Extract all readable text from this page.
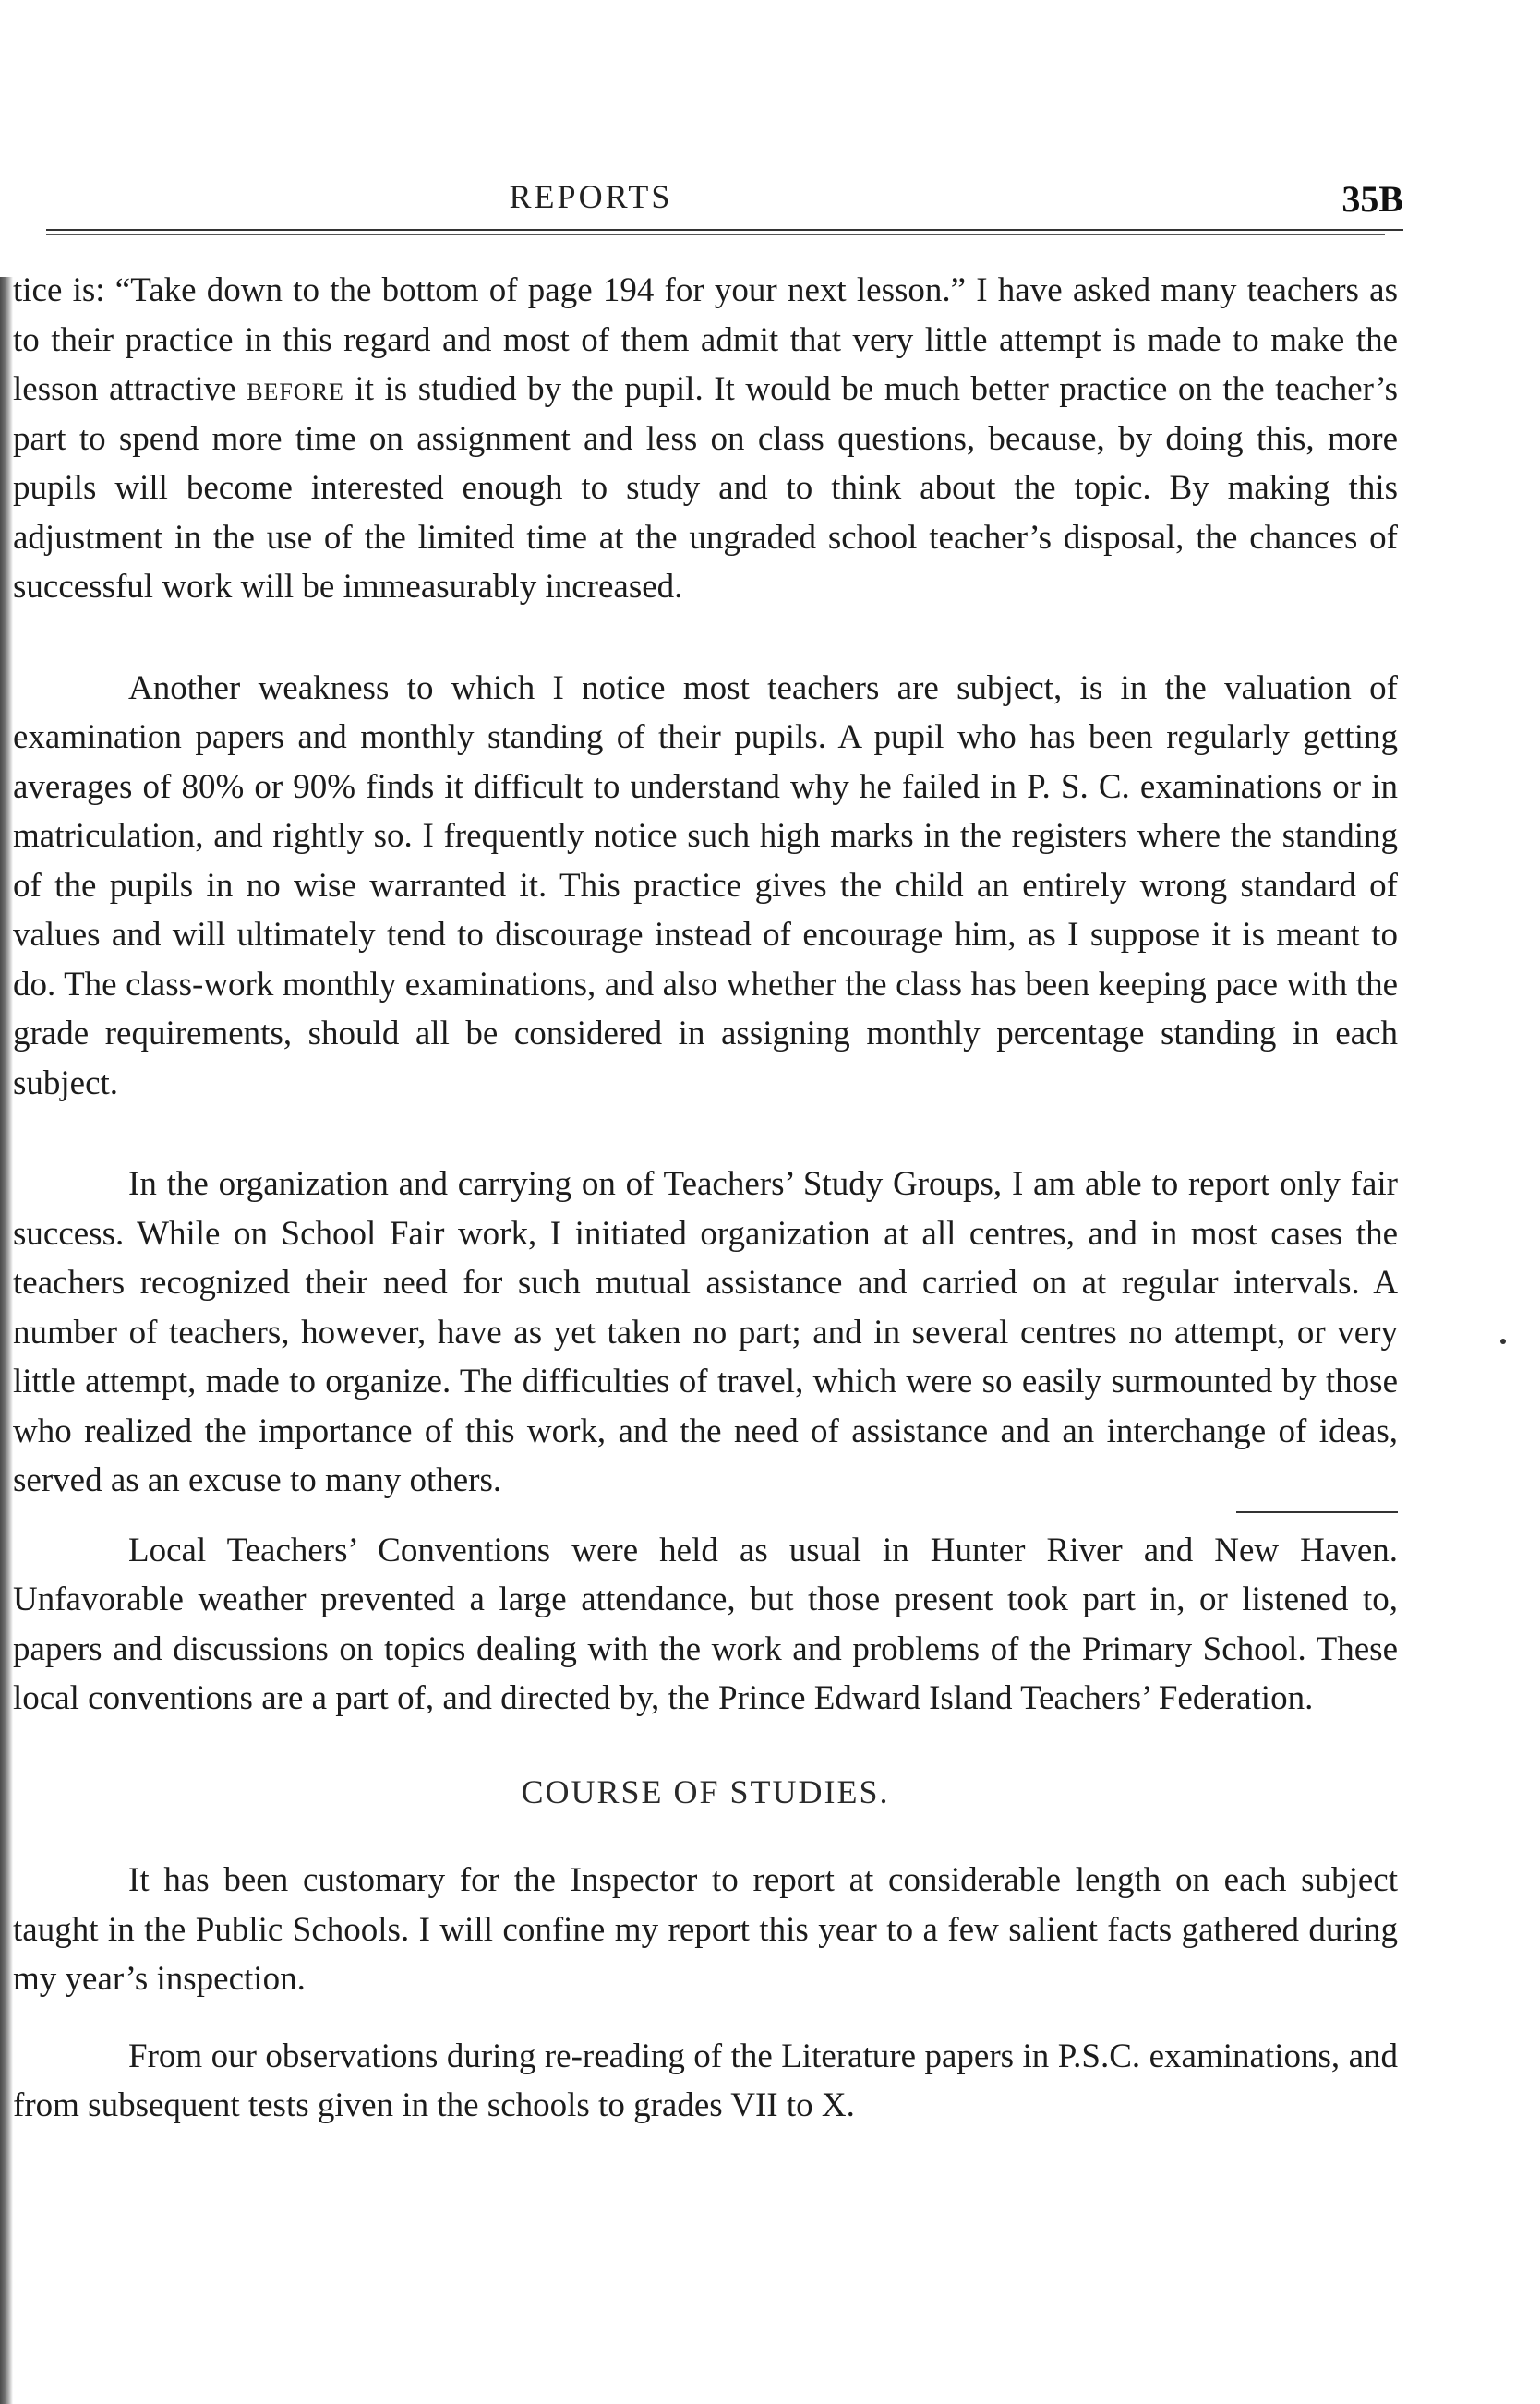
REPORTS	35B

tice is: “Take down to the bottom of page 194 for your next lesson.” I have asked many teachers as to their practice in this regard and most of them admit that very little attempt is made to make the lesson attractive before it is studied by the pupil. It would be much better practice on the teacher’s part to spend more time on assignment and less on class questions, because, by doing this, more pupils will become interested enough to study and to think about the topic. By making this adjustment in the use of the limited time at the ungraded school teacher’s disposal, the chances of successful work will be immeasurably increased.

Another weakness to which I notice most teachers are subject, is in the valuation of examination papers and monthly standing of their pupils. A pupil who has been regularly getting averages of 80% or 90% finds it difficult to understand why he failed in P. S. C. examinations or in matriculation, and rightly so. I frequently notice such high marks in the registers where the standing of the pupils in no wise warranted it. This practice gives the child an entirely wrong standard of values and will ultimately tend to discourage instead of encourage him, as I suppose it is meant to do. The class-work monthly examinations, and also whether the class has been keeping pace with the grade requirements, should all be considered in assigning monthly percentage standing in each subject.

In the organization and carrying on of Teachers’ Study Groups, I am able to report only fair success. While on School Fair work, I initiated organization at all centres, and in most cases the teachers recognized their need for such mutual assistance and carried on at regular intervals. A number of teachers, however, have as yet taken no part; and in several centres no attempt, or very little attempt, made to organize. The difficulties of travel, which were so easily surmounted by those who realized the importance of this work, and the need of assistance and an interchange of ideas, served as an excuse to many others.

Local Teachers’ Conventions were held as usual in Hunter River and New Haven. Unfavorable weather prevented a large attendance, but those present took part in, or listened to, papers and discussions on topics dealing with the work and problems of the Primary School. These local conventions are a part of, and directed by, the Prince Edward Island Teachers’ Federation.

COURSE OF STUDIES.

It has been customary for the Inspector to report at considerable length on each subject taught in the Public Schools. I will confine my report this year to a few salient facts gathered during my year’s inspection.

From our observations during re-reading of the Literature papers in P.S.C. examinations, and from subsequent tests given in the schools to grades VII to X.
